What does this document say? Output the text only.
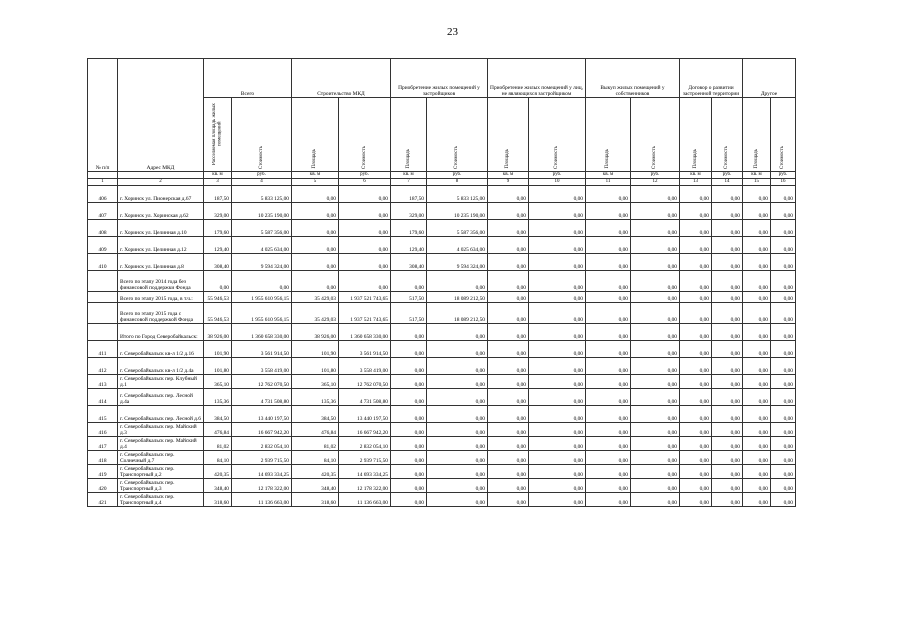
23
№ п/п	Адрес МКД	Всего		Строительство МКД		Приобретение жилых помещений у застройщиков		Приобретение жилых помещений у лиц, не являющихся застройщиком		Выкуп жилых помещений у собственников		Договор о развитии застроенной территории		Другое	
		Расселяемая площадь жилых помещений	Стоимость	Площадь	Стоимость	Площадь	Стоимость	Площадь	Стоимость	Площадь	Стоимость	Площадь	Стоимость	Площадь	Стоимость
		кв. м	руб.	кв. м	руб.	кв. м	руб.	кв. м	руб.	кв. м	руб.	кв. м	руб.	кв. м	руб.
1	2	3	4	5	6	7	8	9	10	11	12	13	14	15	16
406	г. Хоринск ул. Пионерская д.67	187,50	5 833 125,00	0,00	0,00	187,50	5 833 125,00	0,00	0,00	0,00	0,00	0,00	0,00	0,00	0,00
407	г. Хоринск ул. Хоринская д.62	329,00	10 235 190,00	0,00	0,00	329,00	10 235 190,00	0,00	0,00	0,00	0,00	0,00	0,00	0,00	0,00
408	г. Хоринск ул. Целинная д.10	179,60	5 587 356,00	0,00	0,00	179,60	5 587 356,00	0,00	0,00	0,00	0,00	0,00	0,00	0,00	0,00
409	г. Хоринск ул. Целинная д.12	129,40	4 025 634,00	0,00	0,00	129,40	4 025 634,00	0,00	0,00	0,00	0,00	0,00	0,00	0,00	0,00
410	г. Хоринск ул. Целинная д.8	308,40	9 594 324,00	0,00	0,00	308,40	9 594 324,00	0,00	0,00	0,00	0,00	0,00	0,00	0,00	0,00
	Всего по этапу 2014 года без финансовой поддержки Фонда	0,00	0,00	0,00	0,00	0,00	0,00	0,00	0,00	0,00	0,00	0,00	0,00	0,00	0,00
	Всего по этапу 2015 года, в т.ч.:	55 946,53	1 955 610 956,15	35 429,03	1 937 521 743,65	517,50	18 089 212,50	0,00	0,00	0,00	0,00	0,00	0,00	0,00	0,00
	Всего по этапу 2015 года с финансовой поддержкой Фонда	55 946,53	1 955 610 956,15	35 429,03	1 937 521 743,65	517,50	18 089 212,50	0,00	0,00	0,00	0,00	0,00	0,00	0,00	0,00
	Итого по Город Северобайкальск:	38 926,00	1 360 658 330,00	38 926,00	1 360 658 330,00	0,00	0,00	0,00	0,00	0,00	0,00	0,00	0,00	0,00	0,00
411	г. Северобайкальск кв-л 1/2 д.16	101,90	3 561 914,50	101,90	3 561 914,50	0,00	0,00	0,00	0,00	0,00	0,00	0,00	0,00	0,00	0,00
412	г. Северобайкальск кв-л 1/2 д.4а	101,80	3 558 419,00	101,80	3 558 419,00	0,00	0,00	0,00	0,00	0,00	0,00	0,00	0,00	0,00	0,00
413	г. Северобайкальск пер. Клубный д.1	365,10	12 762 070,50	365,10	12 762 070,50	0,00	0,00	0,00	0,00	0,00	0,00	0,00	0,00	0,00	0,00
414	г. Северобайкальск пер. Лесной д.4а	135,36	4 731 508,80	135,36	4 731 508,80	0,00	0,00	0,00	0,00	0,00	0,00	0,00	0,00	0,00	0,00
415	г. Северобайкальск пер. Лесной д.6	384,50	13 440 197,50	384,50	13 440 197,50	0,00	0,00	0,00	0,00	0,00	0,00	0,00	0,00	0,00	0,00
416	г. Северобайкальск пер. Майский д.3	476,84	16 667 942,20	476,84	16 667 942,20	0,00	0,00	0,00	0,00	0,00	0,00	0,00	0,00	0,00	0,00
417	г. Северобайкальск пер. Майский д.4	81,02	2 832 054,10	81,02	2 832 054,10	0,00	0,00	0,00	0,00	0,00	0,00	0,00	0,00	0,00	0,00
418	г. Северобайкальск пер. Солнечный д.7	84,10	2 939 715,50	84,10	2 939 715,50	0,00	0,00	0,00	0,00	0,00	0,00	0,00	0,00	0,00	0,00
419	г. Северобайкальск пер. Транспортный д.2	420,35	14 693 334,25	420,35	14 693 334,25	0,00	0,00	0,00	0,00	0,00	0,00	0,00	0,00	0,00	0,00
420	г. Северобайкальск пер. Транспортный д.3	348,40	12 178 322,00	348,40	12 178 322,00	0,00	0,00	0,00	0,00	0,00	0,00	0,00	0,00	0,00	0,00
421	г. Северобайкальск пер. Транспортный д.4	318,60	11 136 663,00	318,60	11 136 663,00	0,00	0,00	0,00	0,00	0,00	0,00	0,00	0,00	0,00	0,00
